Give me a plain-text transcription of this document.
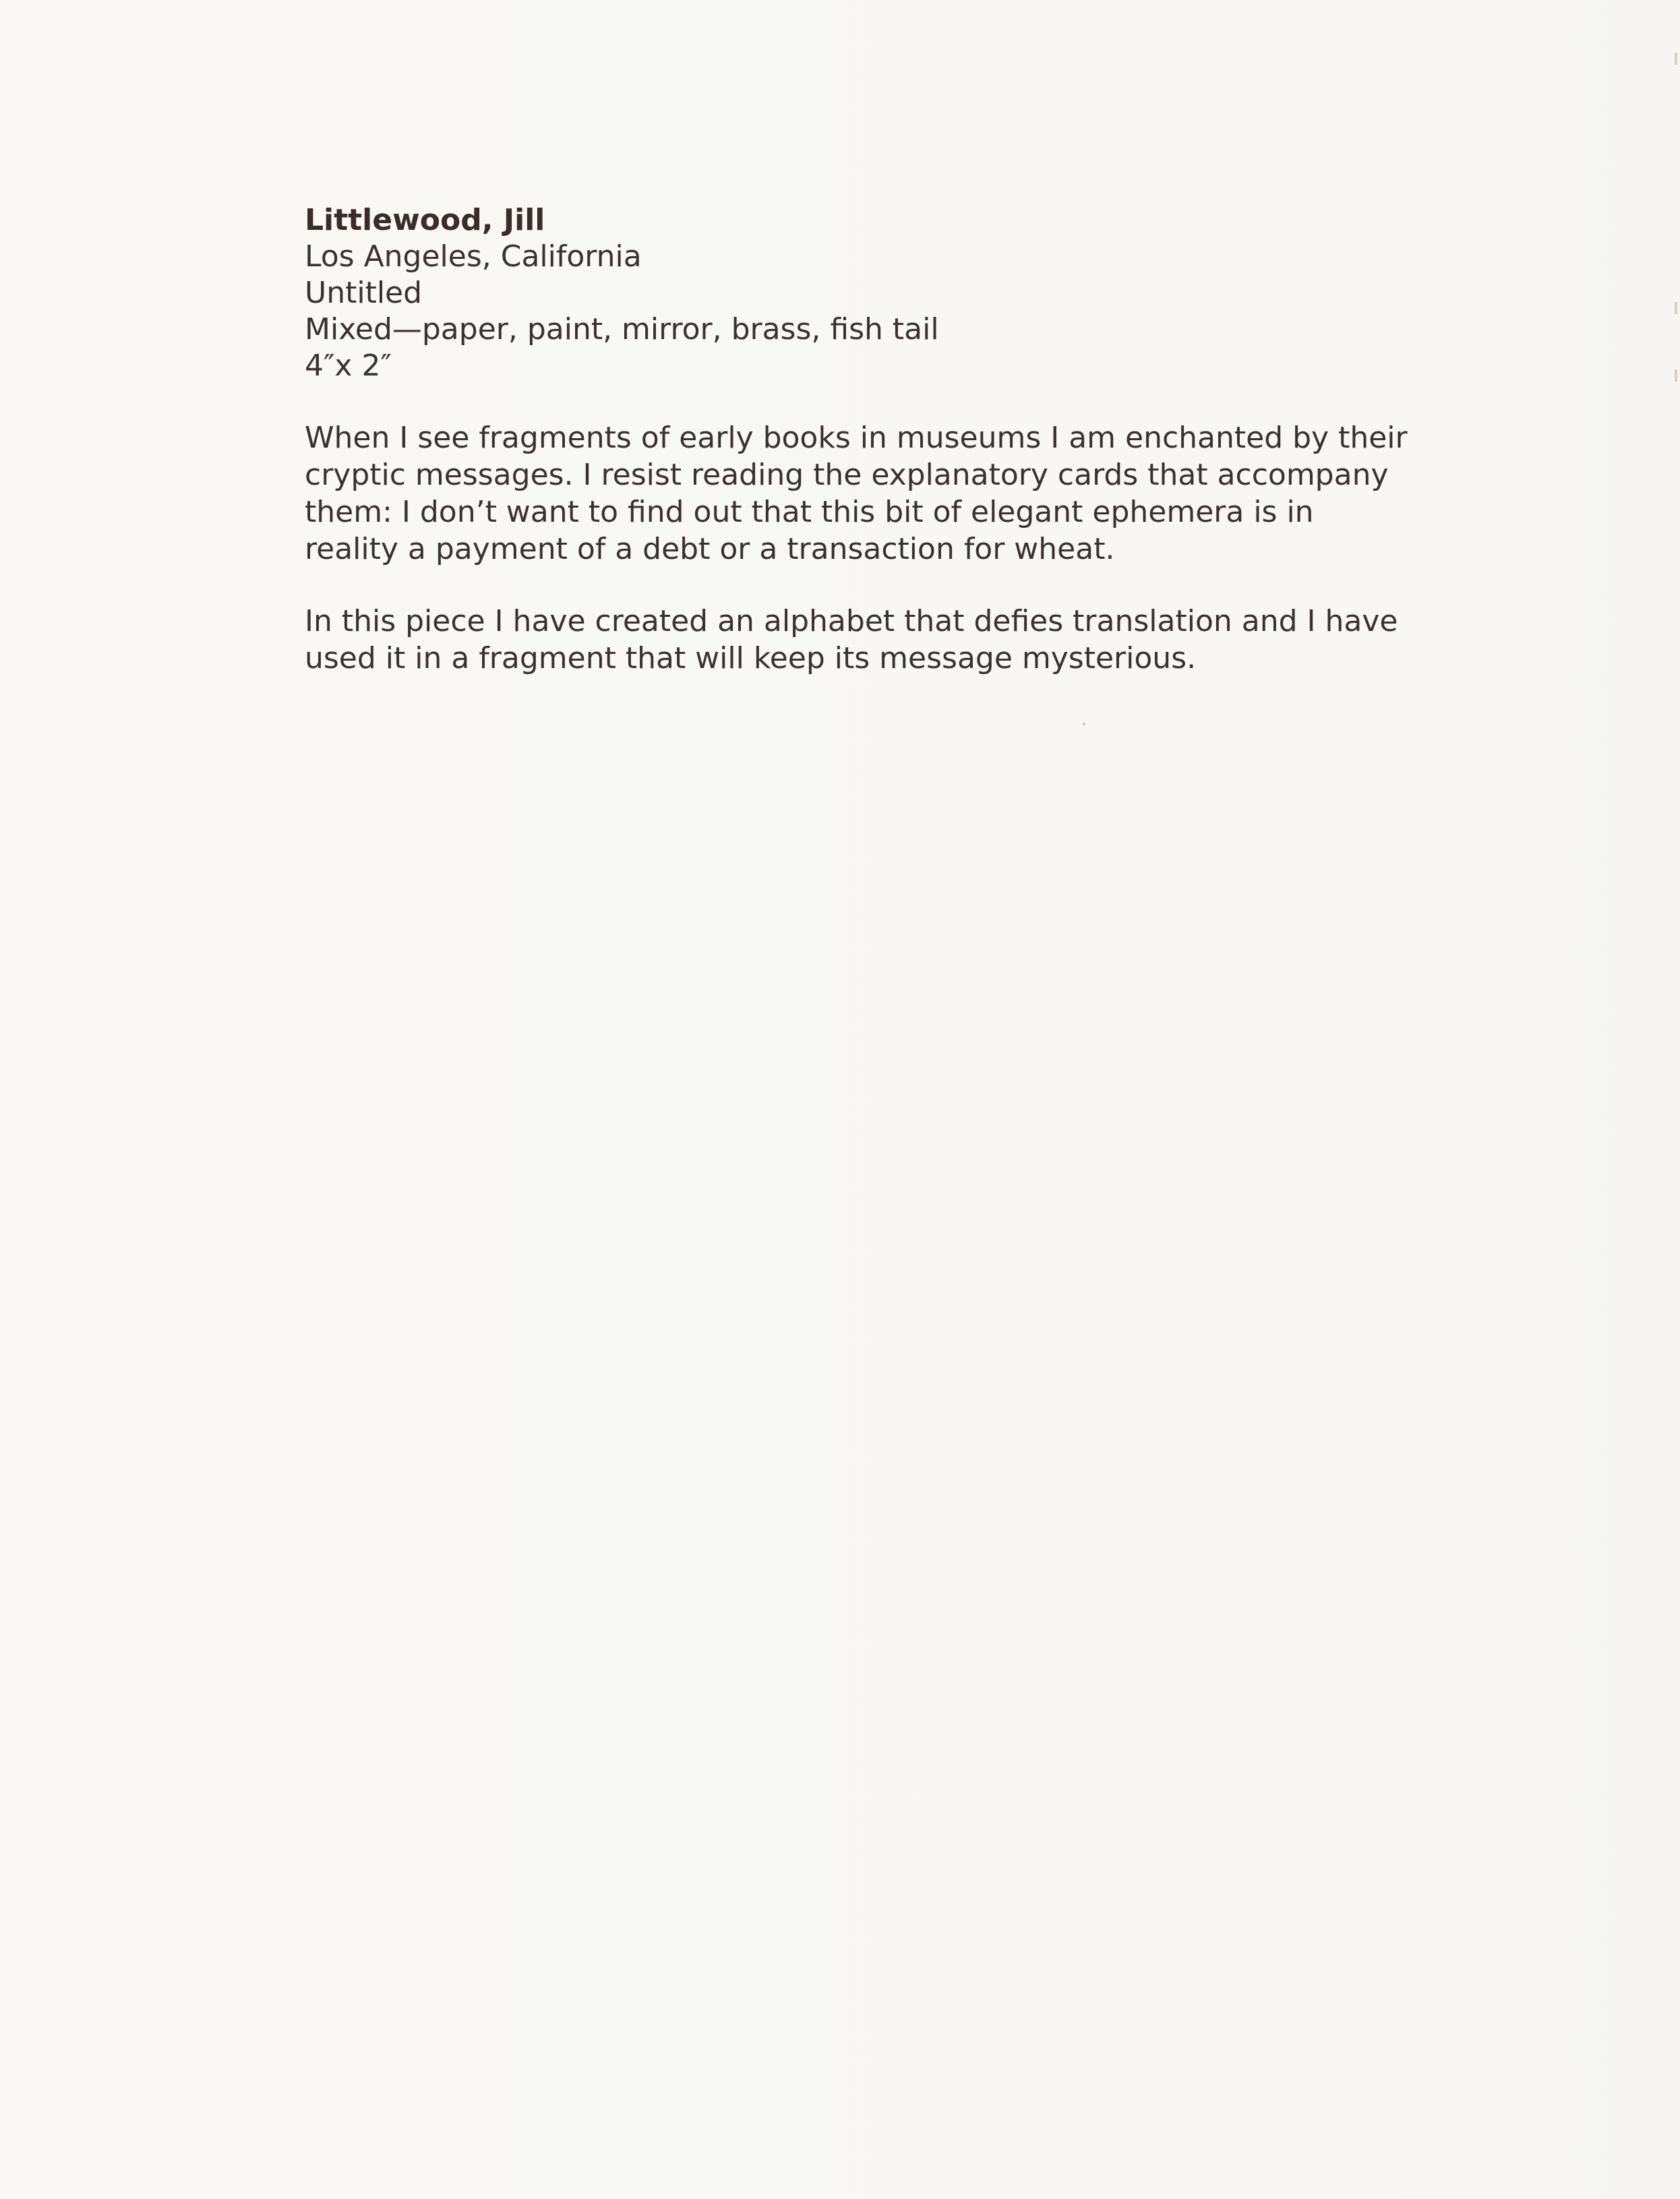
Littlewood, Jill

Los Angeles, California

Untitled

Mixed—paper, paint, mirror, brass, fish tail

4″x 2″

When I see fragments of early books in museums I am enchanted by their
cryptic messages. I resist reading the explanatory cards that accompany
them: I don’t want to find out that this bit of elegant ephemera is in
reality a payment of a debt or a transaction for wheat.

In this piece I have created an alphabet that defies translation and I have
used it in a fragment that will keep its message mysterious.
